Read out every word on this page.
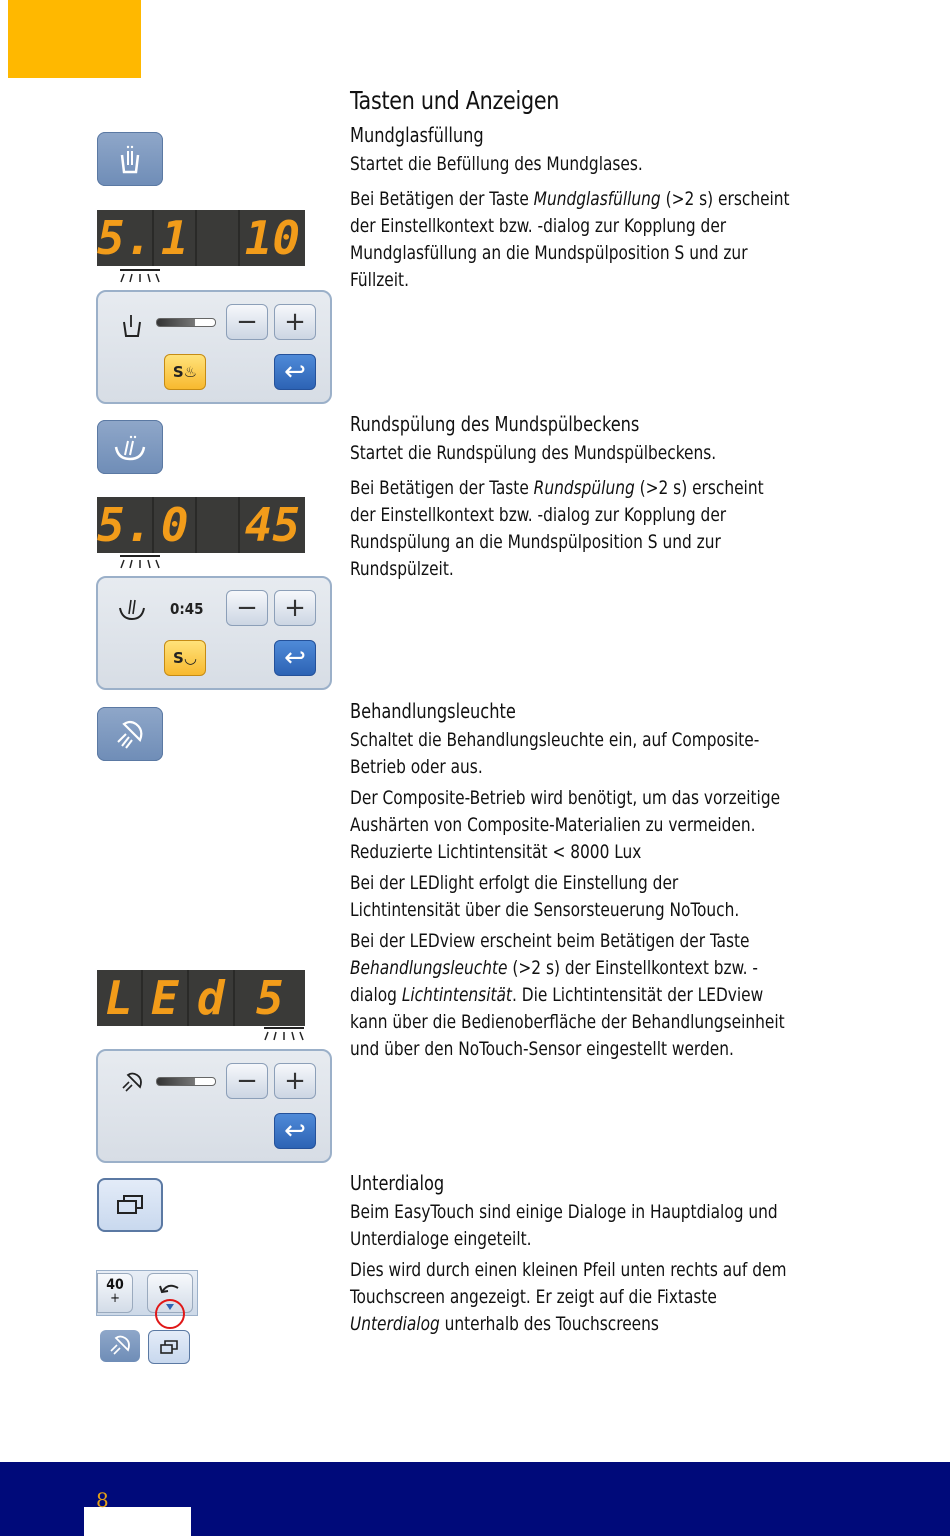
Tasten und Anzeigen
Mundglasfüllung

Startet die Befüllung des Mundglases.

Bei Betätigen der Taste Mundglasfüllung (>2 s) erscheint der Einstellkontext bzw. -dialog zur Kopplung der Mundglasfüllung an die Mundspülposition S und zur Füllzeit.

Rundspülung des Mundspülbeckens

Startet die Rundspülung des Mundspülbeckens.

Bei Betätigen der Taste Rundspülung (>2 s) erscheint der Einstellkontext bzw. -dialog zur Kopplung der Rundspülung an die Mundspülposition S und zur Rundspülzeit.

Behandlungsleuchte

Schaltet die Behandlungsleuchte ein, auf Composite-Betrieb oder aus.

Der Composite-Betrieb wird benötigt, um das vorzeitige Aushärten von Composite-Materialien zu vermeiden. Reduzierte Lichtintensität < 8000 Lux

Bei der LEDlight erfolgt die Einstellung der Lichtintensität über die Sensorsteuerung NoTouch.

Bei der LEDview erscheint beim Betätigen der Taste Behandlungsleuchte (>2 s) der Einstellkontext bzw. -dialog Lichtintensität. Die Lichtintensität der LEDview kann über die Bedienoberfläche der Behandlungseinheit und über den NoTouch-Sensor eingestellt werden.

Unterdialog

Beim EasyTouch sind einige Dialoge in Hauptdialog und Unterdialoge eingeteilt.

Dies wird durch einen kleinen Pfeil unten rechts auf dem Touchscreen angezeigt. Er zeigt auf die Fixtaste Unterdialog unterhalb des Touchscreens

5. 1 10
−	+
S ♨	↩
5. 0 45
0:45	−	+
S ◡	↩
L E d 5
−	+
↩
40
+
8
